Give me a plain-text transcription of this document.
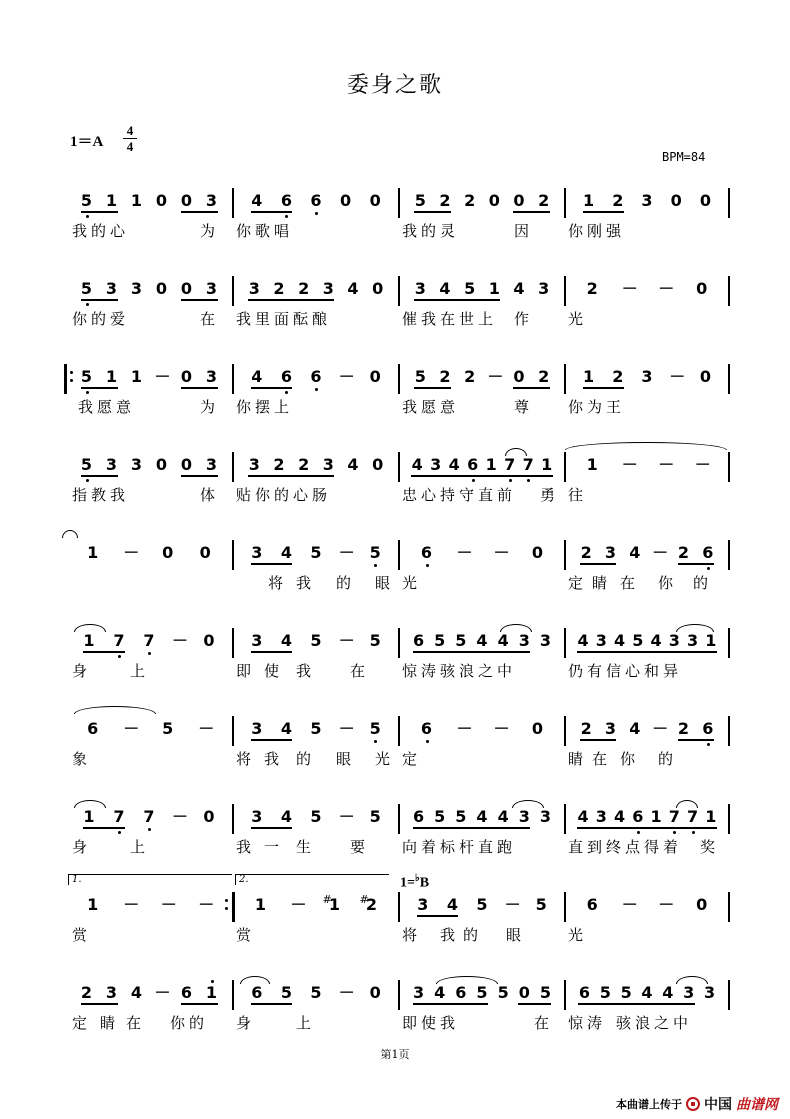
委身之歌
1＝A
4
4
BPM=84
5 1 1 0 0 3 4 6 6 0 0 5 2 2 0 0 2 1 2 3 0 0
我的心	为 你歌唱	我的灵	因 你刚强
5 3 3 0 0 3 3 2 2 3 4 0 3 4 5 1 4 3 2 － － 0
你的爱	在 我里面酝酿	催我在世上 作 光
5 1 1 － 0 3 4 6 6 － 0 5 2 2 － 0 2 1 2 3 － 0
我愿意	为 你摆上	我愿意	尊 你为王
5 3 3 0 0 3 3 2 2 3 4 0 4 3 4 6 1 7 7 1 1 － － －
指教我	体 贴你的心肠	忠心持守直前 勇 往
1 － 0 0	3 4 5 － 5	6 － － 0 2 3 4 － 2 6
将 我 的 眼 光	定 睛 在 你 的
1 7 7 － 0 3 4 5 － 5 6 5 5 4 4 3 3 4 3 4 5 4 3 3 1
身	上	即 使 我 在 惊涛骇浪之中	仍有信心和异
6 － 5 － 3 4 5 － 5	6 － － 0 2 3 4 － 2 6
象	将 我 的 眼 光 定	睛 在 你 的
1 7 7 － 0 3 4 5 － 5 6 5 5 4 4 3 3 4 3 4 6 1 7 7 1
身	上	我 一 生 要 向着标杆直跑	直到终点得着 奖
1.	2.	1=♭B
1 － － －	1 － 1
# 2
#	3 4 5 － 5 6 － － 0
赏	赏	将 我 的 眼	光
2 3 4 － 6 1 6 5 5 － 0 3 4 6 5 5 0 5 6 5 5 4 4 3 3
定 睛 在 你的 身	上	即使我	在 惊涛 骇浪之中
第1页
本曲谱上传于 中国 曲谱网
